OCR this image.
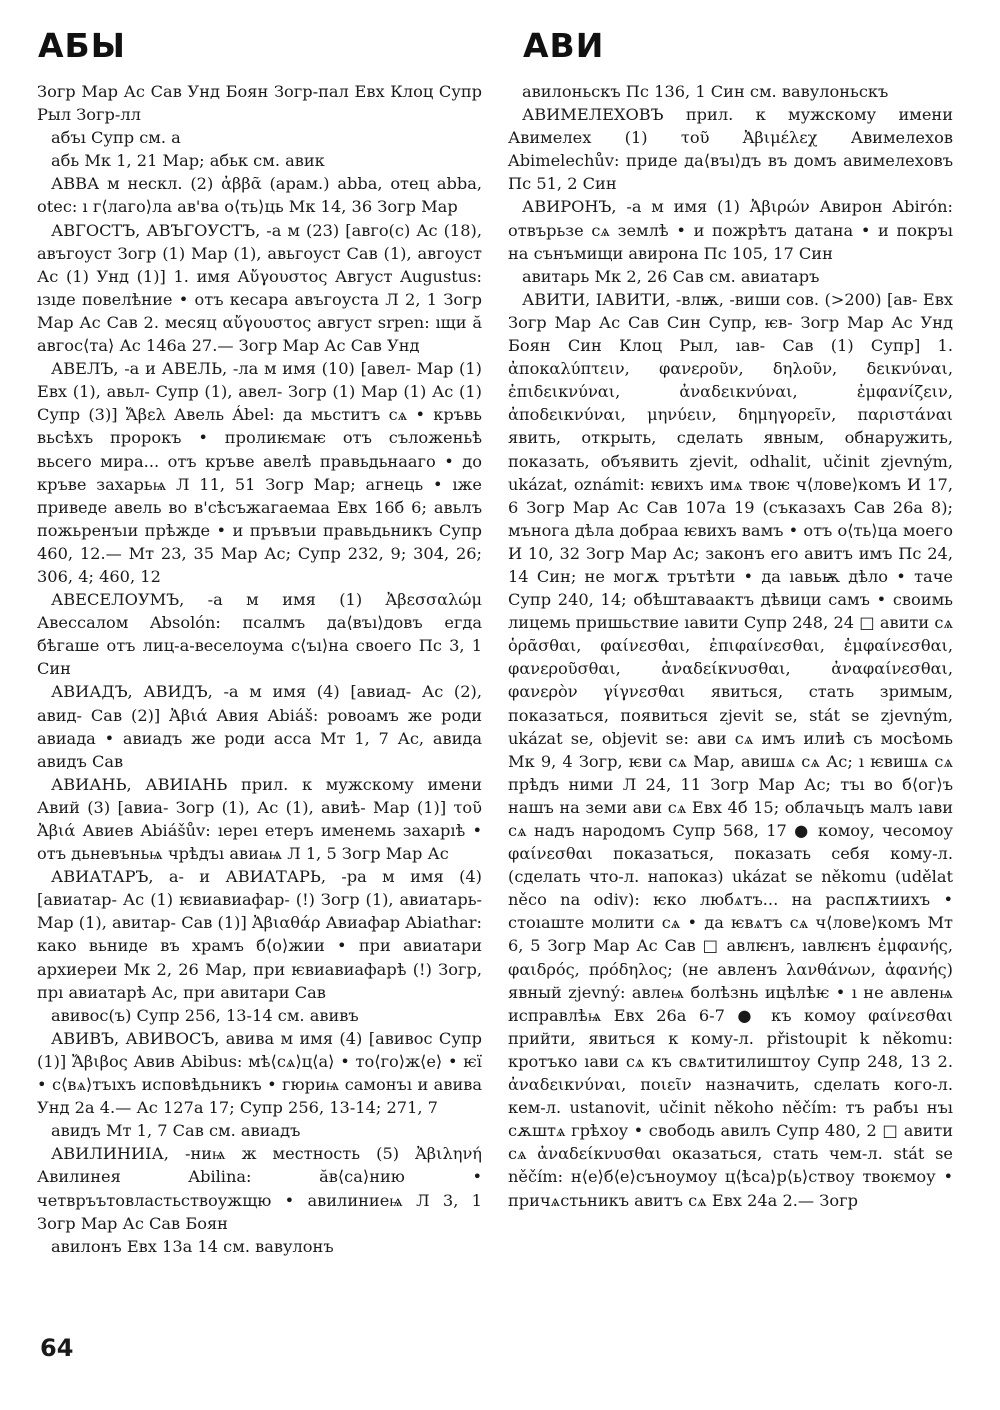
АБЫ	АВИ

Зогр Мар Ас Сав Унд Боян Зогр-пал Евх Клоц Супр Рыл Зогр-лл

абъı Супр см. а

абь Мк 1, 21 Мар; абьк см. авик

АВВА м нескл. (2) ἀββᾶ (арам.) abba, отец abba, otec: ı г⟨лаго⟩ла ав'ва о⟨ть⟩ць Мк 14, 36 Зогр Мар

АВГОСТЪ, АВЪГОУСТЪ, -а м (23) [авго(с) Ас (18), авъгоуст Зогр (1) Мар (1), авьгоуст Сав (1), авгоуст Ас (1) Унд (1)] 1. имя Αὔγουστος Август Augustus: ıзıде повелѣние • отъ кесара авъгоуста Л 2, 1 Зогр Мар Ас Сав 2. месяц αὔγουστος август srpen: ıщи ӑ авгос⟨та⟩ Ас 146а 27.— Зогр Мар Ас Сав Унд

АВЕЛЪ, -а и АВЕЛЬ, -ла м имя (10) [авел- Мар (1) Евх (1), авьл- Супр (1), авел- Зогр (1) Мар (1) Ас (1) Супр (3)] Ἄβελ Авель Ábel: да мьститъ сѧ • кръвь вьсѣхъ пророкъ • пролиѥмаѥ отъ съложеньѣ вьсего мира... отъ кръве авелѣ правьдьнааго • до кръве захарьѩ Л 11, 51 Зогр Мар; агнець • ıже приведе авель во в'сѣсъжагаемаа Евх 16б 6; авьлъ пожьренъıи прѣжде • и пръвъıи правьдьникъ Супр 460, 12.— Мт 23, 35 Мар Ас; Супр 232, 9; 304, 26; 306, 4; 460, 12

АВЕСЕЛОУМЪ, -а м имя (1) Ἀβεσσαλώμ Авессалом Absolón: псалмъ да⟨въı⟩довъ егда бѣгаше отъ лиц-а-веселоума с⟨ъı⟩на своего Пс 3, 1 Син

АВИАДЪ, АВИДЪ, -а м имя (4) [авиад- Ас (2), авид- Сав (2)] Ἀβιά Авия Abiáš: ровоамъ же роди авиада • авиадъ же роди асса Мт 1, 7 Ас, авида авидъ Сав

АВИАНЬ, АВИІАНЬ прил. к мужскому имени Авий (3) [авиа- Зогр (1), Ас (1), авиѣ- Мар (1)] τοῦ Ἀβιά Авиев Abiášův: ıереı етеръ именемь захарıѣ • отъ дьневъньѩ чрѣдъı авиаѩ Л 1, 5 Зогр Мар Ас

АВИАТАРЪ, а- и АВИАТАРЬ, -ра м имя (4) [авиатар- Ас (1) ѥвиавиафар- (!) Зогр (1), авиатарь- Мар (1), авитар- Сав (1)] Ἀβιαθάρ Авиафар Abiathar: како вьниде въ храмъ б⟨о⟩жии • при авиатари архиереи Мк 2, 26 Мар, при ѥвиавиафарѣ (!) Зогр, пpı авиатарѣ Ас, при авитари Сав

авивос(ъ) Супр 256, 13-14 см. авивъ

АВИВЪ, АВИВОСЪ, авива м имя (4) [авивос Супр (1)] Ἄβιβος Авив Abibus: мѣ⟨сѧ⟩ц⟨а⟩ • то⟨го⟩ж⟨е⟩ • ѥї • с⟨вѧ⟩тъıхъ исповѣдьникъ • гюриѩ самонъı и авива Унд 2а 4.— Ас 127а 17; Супр 256, 13-14; 271, 7

авидъ Мт 1, 7 Сав см. авиадъ

АВИЛИНИІА, -ниѩ ж местность (5) Ἀβιληνή Авилинея Abilina: ӑв⟨са⟩нию • четвръътовластьствоужщю • авилиниеѩ Л 3, 1 Зогр Мар Ас Сав Боян

авилонъ Евх 13а 14 см. вавулонъ

авилоньскъ Пс 136, 1 Син см. вавулоньскъ

АВИМЕЛЕХОВЪ прил. к мужскому имени Авимелех (1) τοῦ Ἀβιμέλεχ Авимелехов Abimelechův: приде да⟨въı⟩дъ въ домъ авимелеховъ Пс 51, 2 Син

АВИРОНЪ, -а м имя (1) Ἀβιρών Авирон Abirón: отвърьзе сѧ землѣ • и пожрѣтъ датана • и покръı на сънъмищи авирона Пс 105, 17 Син

авитарь Мк 2, 26 Сав см. авиатаръ

АВИТИ, ІАВИТИ, -влѭ, -виши сов. (>200) [ав- Евх Зогр Мар Ас Сав Син Супр, ѥв- Зогр Мар Ас Унд Боян Син Клоц Рыл, ıав- Сав (1) Супр] 1. ἀποκαλύπτειν, φανεροῦν, δηλοῦν, δεικνύναι, ἐπιδεικνύναι, ἀναδεικνύναι, ἐμφανίζειν, ἀποδεικνύναι, μηνύειν, δημηγορεῖν, παριστάναι явить, открыть, сделать явным, обнаружить, показать, объявить zjevit, odhalit, učinit zjevným, ukázat, oznámit: ѥвихъ имѧ твоѥ ч⟨лове⟩комъ И 17, 6 Зогр Мар Ас Сав 107а 19 (съказахъ Сав 26а 8); мънога дѣла добраа ѥвихъ вамъ • отъ о⟨ть⟩ца моего И 10, 32 Зогр Мар Ас; законъ его авитъ имъ Пс 24, 14 Син; не могѫ трътѣти • да ıавьѭ дѣло • таче Супр 240, 14; обѣштаваактъ дѣвици самъ • своимь лицемь пришьствие ıавити Супр 248, 24 □ авити сѧ ὁρᾶσθαι, φαίνεσθαι, ἐπιφαίνεσθαι, ἐμφαίνεσθαι, φανεροῦσθαι, ἀναδείκνυσθαι, ἀναφαίνεσθαι, φανερὸν γίγνεσθαι явиться, стать зримым, показаться, появиться zjevit se, stát se zjevným, ukázat se, objevit se: ави сѧ имъ илиѣ съ мосѣомь Мк 9, 4 Зогр, ѥви сѧ Мар, авишѧ сѧ Ас; ı ѥвишѧ сѧ прѣдъ ними Л 24, 11 Зогр Мар Ас; тъı во б⟨ог⟩ъ нашъ на земи ави сѧ Евх 4б 15; облачьцъ малъ ıави сѧ надъ народомъ Супр 568, 17 ● комоу, чесомоу φαίνεσθαι показаться, показать себя кому-л. (сделать что-л. напоказ) ukázat se někomu (udělat něco na odiv): ѥко любѧтъ... на распѫтиихъ • стоıаште молити сѧ • да ѥвѧтъ сѧ ч⟨лове⟩комъ Мт 6, 5 Зогр Мар Ас Сав □ авлѥнъ, ıавлѥнъ ἐμφανής, φαιδρός, πρόδηλος; (не авленъ λανθάνων, ἀφανής) явный zjevný: авлеѩ болѣзнь ицѣлѣѥ • ı не авленѩ исправлѣѩ Евх 26а 6-7 ● къ комоу φαίνεσθαι прийти, явиться к кому-л. přistoupit k někomu: кротъко ıави сѧ къ свѧтитилиштоу Супр 248, 13 2. ἀναδεικνύναι, ποιεῖν назначить, сделать кого-л. кем-л. ustanovit, učinit někoho něčím: тъ рабъı нъı сѫштѧ грѣхоу • свободь авилъ Супр 480, 2 □ авити сѧ ἀναδείκνυσθαι оказаться, стать чем-л. stát se něčím: н⟨е⟩б⟨е⟩съноумоу ц⟨ѣса⟩р⟨ь⟩ствоу твоѥмоу • причѧстьникъ авитъ сѧ Евх 24а 2.— Зогр

64
